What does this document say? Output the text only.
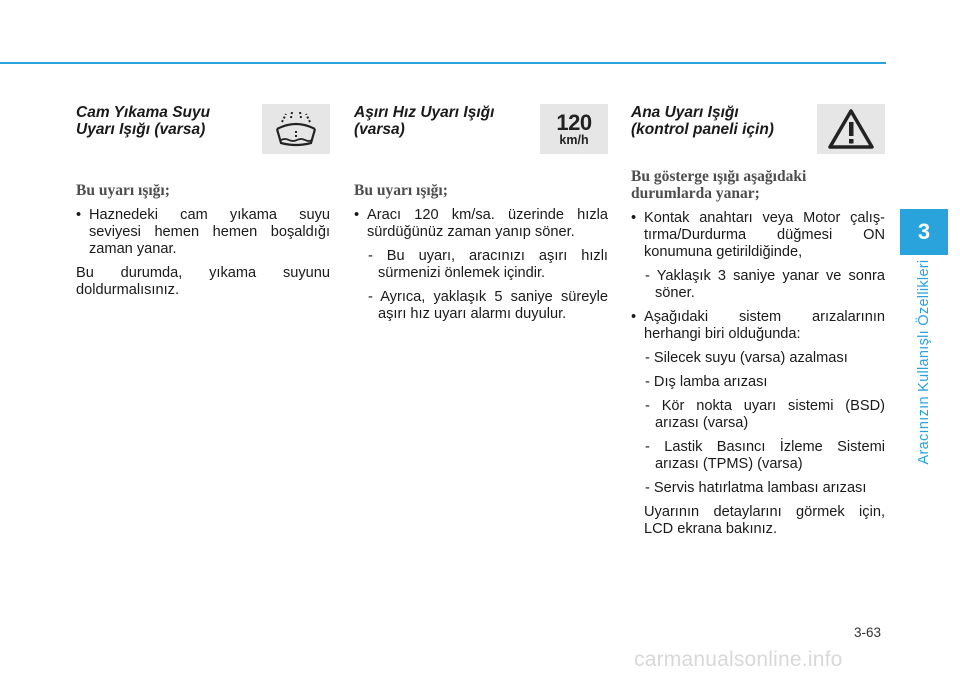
Cam Yıkama Suyu
Uyarı Işığı (varsa)
Bu uyarı ışığı;
• Haznedeki cam yıkama suyu seviyesi hemen hemen boşaldığı zaman yanar.
Bu durumda, yıkama suyunu doldurmalısınız.
Aşırı Hız Uyarı Işığı
(varsa)	120
km/h
Bu uyarı ışığı;
• Aracı 120 km/sa. üzerinde hızla sürdüğünüz zaman yanıp söner.
- Bu uyarı, aracınızı aşırı hızlı sürmenizi önlemek içindir.
- Ayrıca, yaklaşık 5 saniye süreyle aşırı hız uyarı alarmı duyulur.
Ana Uyarı Işığı
(kontrol paneli için)
Bu gösterge ışığı aşağıdaki durumlarda yanar;
• Kontak anahtarı veya Motor çalış-tırma/Durdurma düğmesi ON konumuna getirildiğinde,
- Yaklaşık 3 saniye yanar ve sonra söner.
• Aşağıdaki sistem arızalarının herhangi biri olduğunda:
- Silecek suyu (varsa) azalması
- Dış lamba arızası
- Kör nokta uyarı sistemi (BSD) arızası (varsa)
- Lastik Basıncı İzleme Sistemi arızası (TPMS) (varsa)
- Servis hatırlatma lambası arızası
Uyarının detaylarını görmek için, LCD ekrana bakınız.
3
Aracınızın Kullanışlı Özellikleri
3-63
carmanualsonline.info
